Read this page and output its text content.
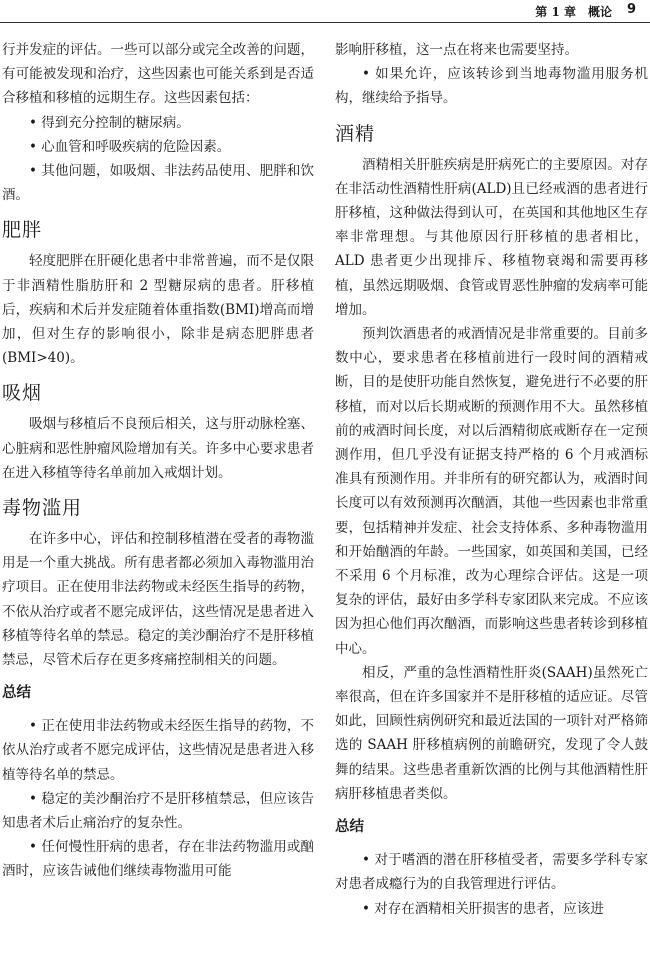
第 1 章　概论 9

行并发症的评估。一些可以部分或完全改善的问题，有可能被发现和治疗，这些因素也可能关系到是否适合移植和移植的远期生存。这些因素包括：

• 得到充分控制的糖尿病。

• 心血管和呼吸疾病的危险因素。

• 其他问题，如吸烟、非法药品使用、肥胖和饮酒。

肥胖

轻度肥胖在肝硬化患者中非常普遍，而不是仅限于非酒精性脂肪肝和 2 型糖尿病的患者。肝移植后，疾病和术后并发症随着体重指数(BMI)增高而增加，但对生存的影响很小，除非是病态肥胖患者(BMI>40)。

吸烟

吸烟与移植后不良预后相关，这与肝动脉栓塞、心脏病和恶性肿瘤风险增加有关。许多中心要求患者在进入移植等待名单前加入戒烟计划。

毒物滥用

在许多中心，评估和控制移植潜在受者的毒物滥用是一个重大挑战。所有患者都必须加入毒物滥用治疗项目。正在使用非法药物或未经医生指导的药物，不依从治疗或者不愿完成评估，这些情况是患者进入移植等待名单的禁忌。稳定的美沙酮治疗不是肝移植禁忌，尽管术后存在更多疼痛控制相关的问题。

总结

• 正在使用非法药物或未经医生指导的药物，不依从治疗或者不愿完成评估，这些情况是患者进入移植等待名单的禁忌。

• 稳定的美沙酮治疗不是肝移植禁忌，但应该告知患者术后止痛治疗的复杂性。

• 任何慢性肝病的患者，存在非法药物滥用或酗酒时，应该告诫他们继续毒物滥用可能

影响肝移植，这一点在将来也需要坚持。

• 如果允许，应该转诊到当地毒物滥用服务机构，继续给予指导。

酒精

酒精相关肝脏疾病是肝病死亡的主要原因。对存在非活动性酒精性肝病(ALD)且已经戒酒的患者进行肝移植，这种做法得到认可，在英国和其他地区生存率非常理想。与其他原因行肝移植的患者相比，ALD 患者更少出现排斥、移植物衰竭和需要再移植，虽然远期吸烟、食管或胃恶性肿瘤的发病率可能增加。

预判饮酒患者的戒酒情况是非常重要的。目前多数中心，要求患者在移植前进行一段时间的酒精戒断，目的是使肝功能自然恢复，避免进行不必要的肝移植，而对以后长期戒断的预测作用不大。虽然移植前的戒酒时间长度，对以后酒精彻底戒断存在一定预测作用，但几乎没有证据支持严格的 6 个月戒酒标准具有预测作用。并非所有的研究都认为，戒酒时间长度可以有效预测再次酗酒，其他一些因素也非常重要，包括精神并发症、社会支持体系、多种毒物滥用和开始酗酒的年龄。一些国家，如英国和美国，已经不采用 6 个月标准，改为心理综合评估。这是一项复杂的评估，最好由多学科专家团队来完成。不应该因为担心他们再次酗酒，而影响这些患者转诊到移植中心。

相反，严重的急性酒精性肝炎(SAAH)虽然死亡率很高，但在许多国家并不是肝移植的适应证。尽管如此，回顾性病例研究和最近法国的一项针对严格筛选的 SAAH 肝移植病例的前瞻研究，发现了令人鼓舞的结果。这些患者重新饮酒的比例与其他酒精性肝病肝移植患者类似。

总结

• 对于嗜酒的潜在肝移植受者，需要多学科专家对患者成瘾行为的自我管理进行评估。

• 对存在酒精相关肝损害的患者，应该进
